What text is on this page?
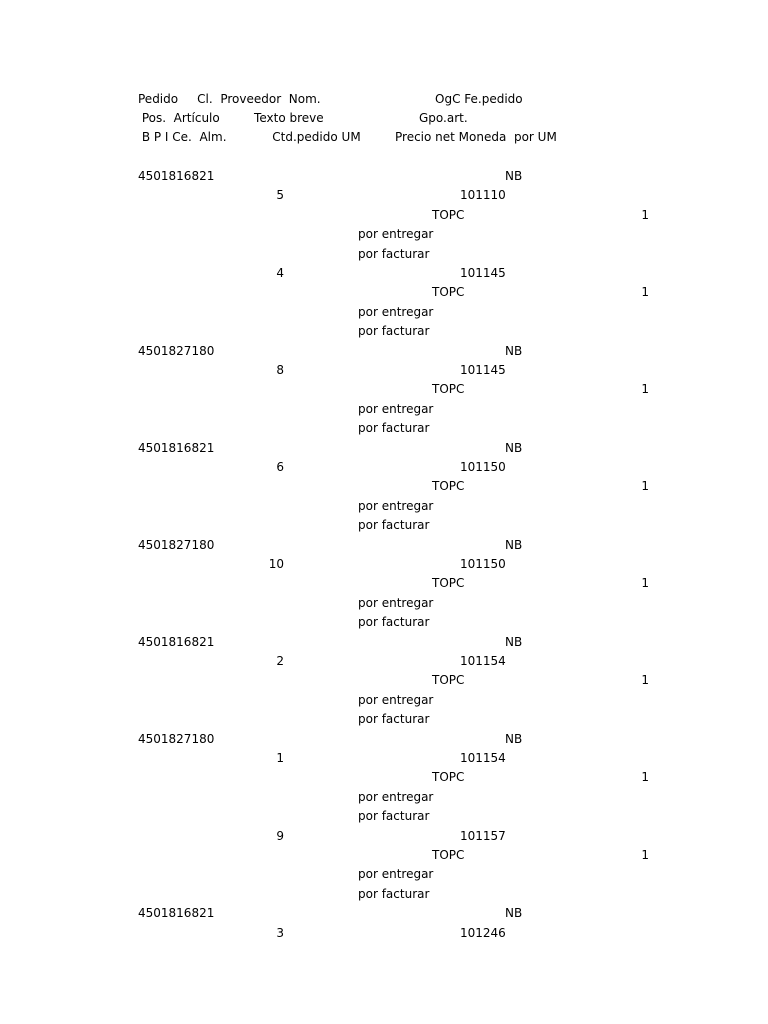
Pedido     Cl.  Proveedor  Nom.                              OgC Fe.pedido
Pos.  Artículo         Texto breve                         Gpo.art.
B P I Ce.  Alm.            Ctd.pedido UM         Precio net Moneda  por UM
4501816821	NB
5	101110
TOPC	1
por entregar
por facturar
4	101145
TOPC	1
por entregar
por facturar
4501827180	NB
8	101145
TOPC	1
por entregar
por facturar
4501816821	NB
6	101150
TOPC	1
por entregar
por facturar
4501827180	NB
10	101150
TOPC	1
por entregar
por facturar
4501816821	NB
2	101154
TOPC	1
por entregar
por facturar
4501827180	NB
1	101154
TOPC	1
por entregar
por facturar
9	101157
TOPC	1
por entregar
por facturar
4501816821	NB
3	101246
